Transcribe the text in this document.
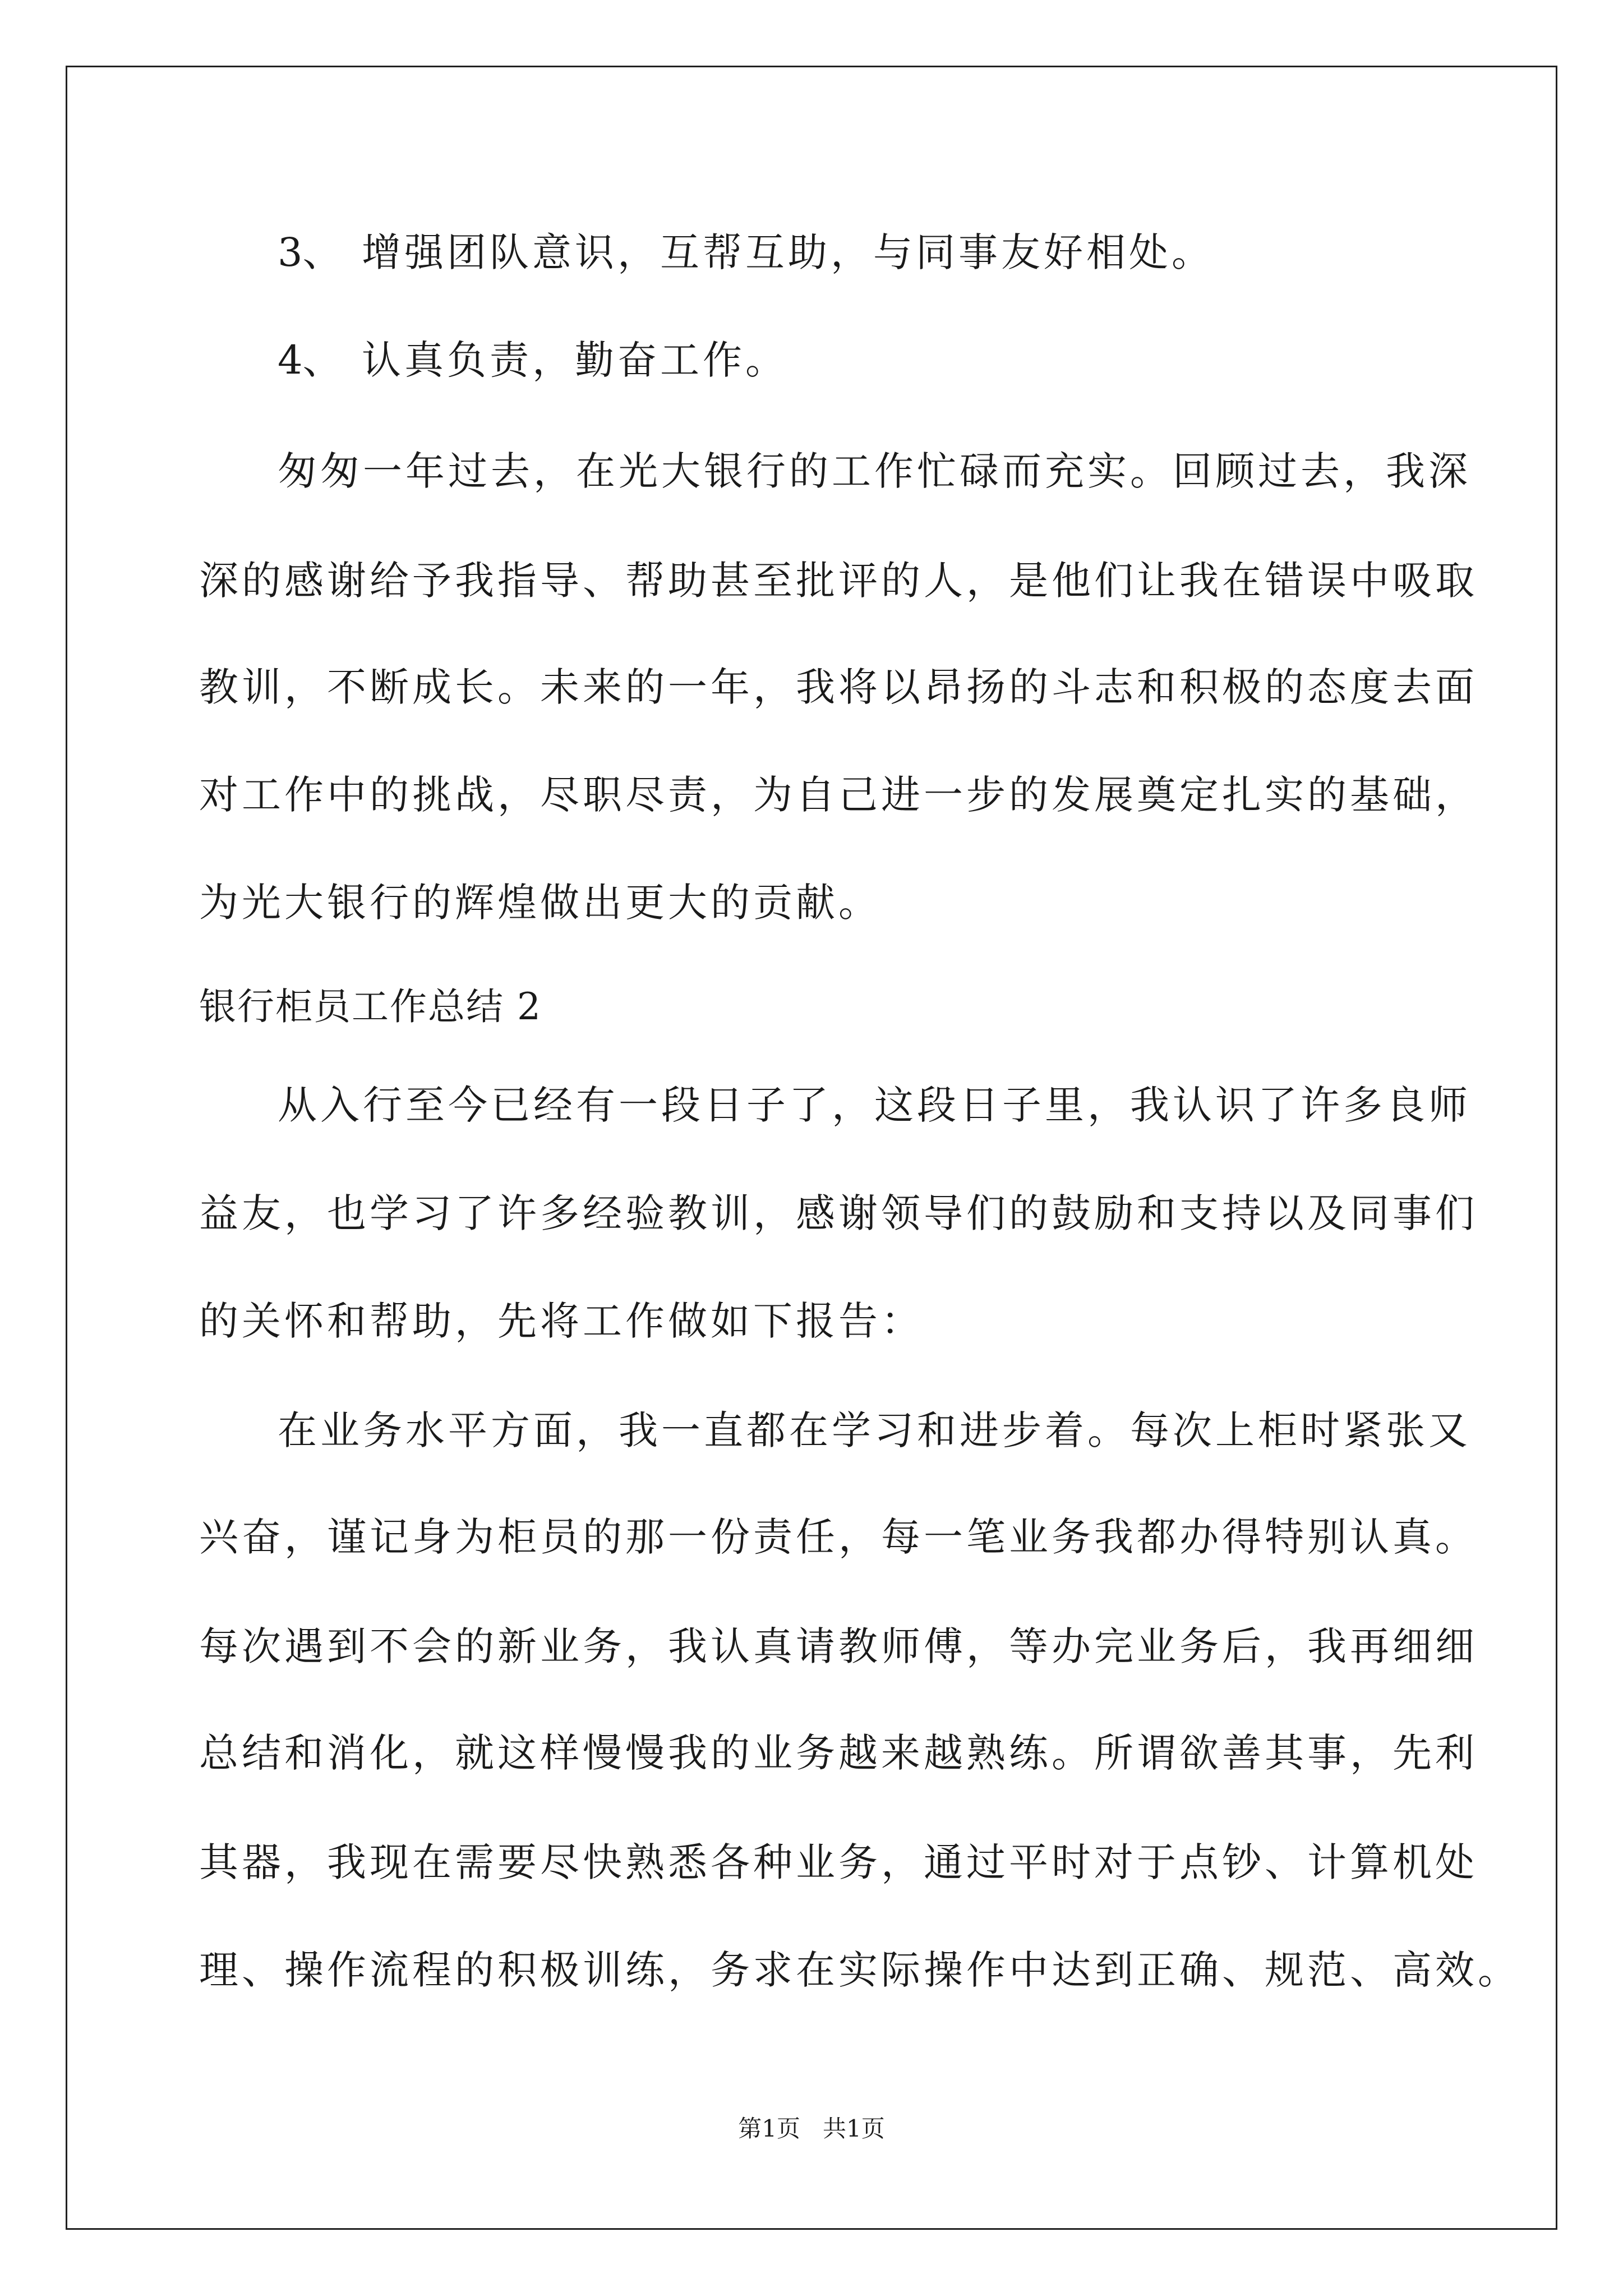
3、 增强团队意识，互帮互助，与同事友好相处。
4、 认真负责，勤奋工作。
匆匆一年过去，在光大银行的工作忙碌而充实。回顾过去，我深
深的感谢给予我指导、帮助甚至批评的人，是他们让我在错误中吸取
教训，不断成长。未来的一年，我将以昂扬的斗志和积极的态度去面
对工作中的挑战，尽职尽责，为自己进一步的发展奠定扎实的基础，
为光大银行的辉煌做出更大的贡献。
银行柜员工作总结 2
从入行至今已经有一段日子了，这段日子里，我认识了许多良师
益友，也学习了许多经验教训，感谢领导们的鼓励和支持以及同事们
的关怀和帮助，先将工作做如下报告：
在业务水平方面，我一直都在学习和进步着。每次上柜时紧张又
兴奋，谨记身为柜员的那一份责任，每一笔业务我都办得特别认真。
每次遇到不会的新业务，我认真请教师傅，等办完业务后，我再细细
总结和消化，就这样慢慢我的业务越来越熟练。所谓欲善其事，先利
其器，我现在需要尽快熟悉各种业务，通过平时对于点钞、计算机处
理、操作流程的积极训练，务求在实际操作中达到正确、规范、高效。
第1页   共1页
